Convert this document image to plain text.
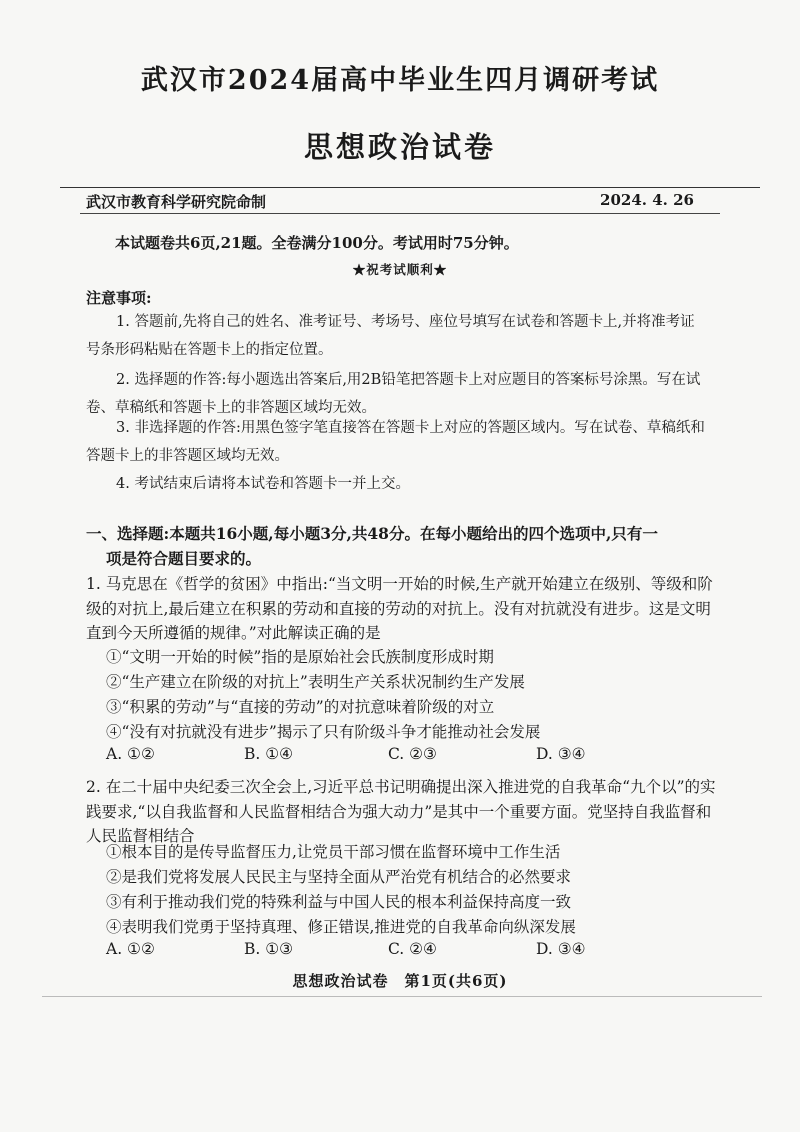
武汉市2024届高中毕业生四月调研考试
思想政治试卷
武汉市教育科学研究院命制	2024. 4. 26
本试题卷共6页,21题。全卷满分100分。考试用时75分钟。
★祝考试顺利★
注意事项:

1. 答题前,先将自己的姓名、准考证号、考场号、座位号填写在试卷和答题卡上,并将准考证号条形码粘贴在答题卡上的指定位置。

2. 选择题的作答:每小题选出答案后,用2B铅笔把答题卡上对应题目的答案标号涂黑。写在试卷、草稿纸和答题卡上的非答题区域均无效。

3. 非选择题的作答:用黑色签字笔直接答在答题卡上对应的答题区域内。写在试卷、草稿纸和答题卡上的非答题区域均无效。

4. 考试结束后请将本试卷和答题卡一并上交。

一、选择题:本题共16小题,每小题3分,共48分。在每小题给出的四个选项中,只有一
项是符合题目要求的。

1. 马克思在《哲学的贫困》中指出:“当文明一开始的时候,生产就开始建立在级别、等级和阶级的对抗上,最后建立在积累的劳动和直接的劳动的对抗上。没有对抗就没有进步。这是文明直到今天所遵循的规律。”对此解读正确的是

①“文明一开始的时候”指的是原始社会氏族制度形成时期

②“生产建立在阶级的对抗上”表明生产关系状况制约生产发展

③“积累的劳动”与“直接的劳动”的对抗意味着阶级的对立

④“没有对抗就没有进步”揭示了只有阶级斗争才能推动社会发展

A. ①②	B. ①④	C. ②③	D. ③④

2. 在二十届中央纪委三次全会上,习近平总书记明确提出深入推进党的自我革命“九个以”的实践要求,“以自我监督和人民监督相结合为强大动力”是其中一个重要方面。党坚持自我监督和人民监督相结合

①根本目的是传导监督压力,让党员干部习惯在监督环境中工作生活

②是我们党将发展人民民主与坚持全面从严治党有机结合的必然要求

③有利于推动我们党的特殊利益与中国人民的根本利益保持高度一致

④表明我们党勇于坚持真理、修正错误,推进党的自我革命向纵深发展

A. ①②	B. ①③	C. ②④	D. ③④
思想政治试卷　第1页(共6页)
